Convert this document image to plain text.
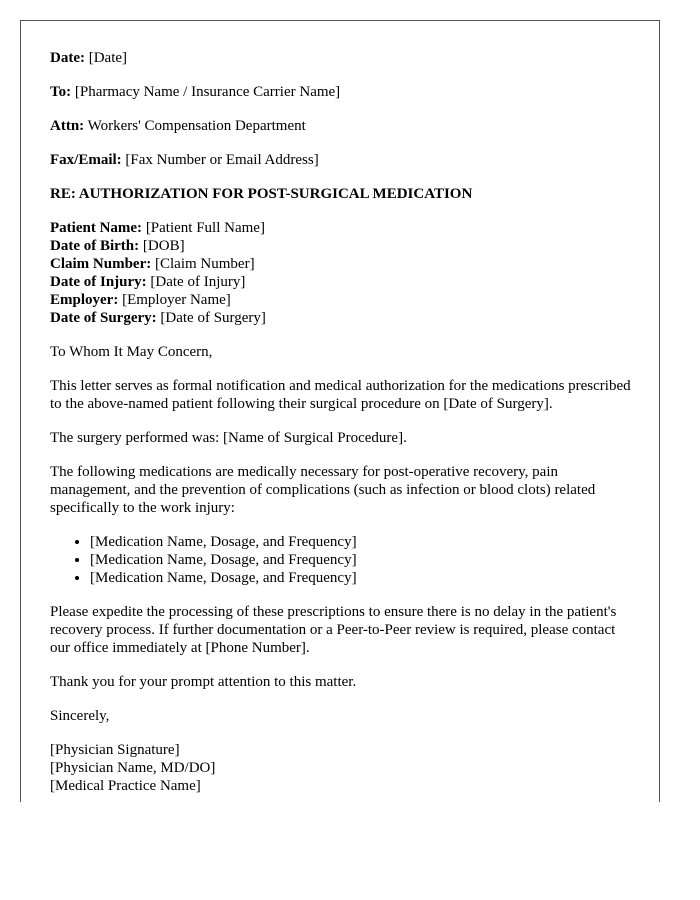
Date: [Date]

To: [Pharmacy Name / Insurance Carrier Name]

Attn: Workers' Compensation Department

Fax/Email: [Fax Number or Email Address]

RE: AUTHORIZATION FOR POST-SURGICAL MEDICATION

Patient Name: [Patient Full Name]
Date of Birth: [DOB]
Claim Number: [Claim Number]
Date of Injury: [Date of Injury]
Employer: [Employer Name]
Date of Surgery: [Date of Surgery]

To Whom It May Concern,

This letter serves as formal notification and medical authorization for the medications prescribed to the above-named patient following their surgical procedure on [Date of Surgery].

The surgery performed was: [Name of Surgical Procedure].

The following medications are medically necessary for post-operative recovery, pain management, and the prevention of complications (such as infection or blood clots) related specifically to the work injury:

• [Medication Name, Dosage, and Frequency]
• [Medication Name, Dosage, and Frequency]
• [Medication Name, Dosage, and Frequency]

Please expedite the processing of these prescriptions to ensure there is no delay in the patient's recovery process. If further documentation or a Peer-to-Peer review is required, please contact our office immediately at [Phone Number].

Thank you for your prompt attention to this matter.

Sincerely,

[Physician Signature]
[Physician Name, MD/DO]
[Medical Practice Name]
